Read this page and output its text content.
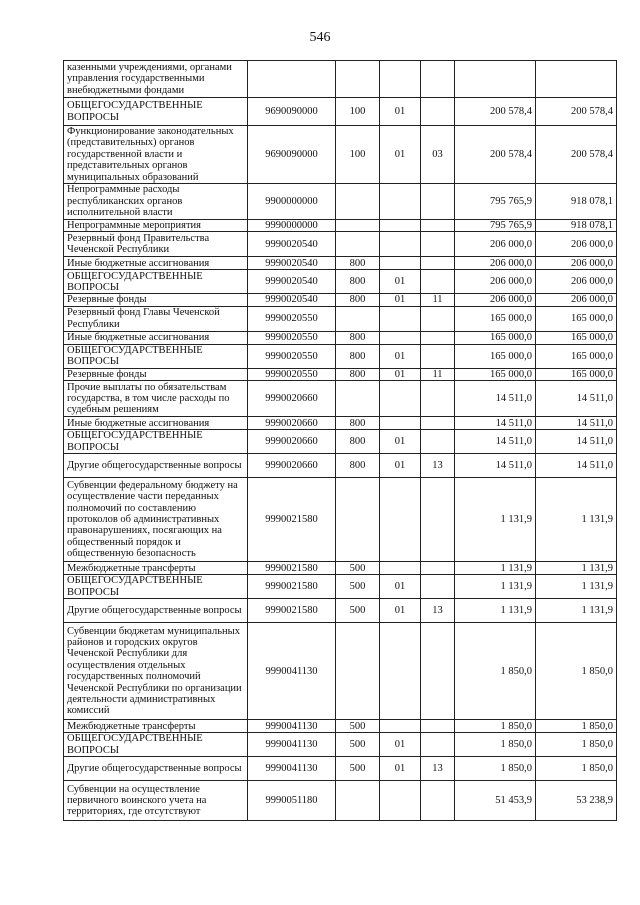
546
казенными учреждениями, органами управления государственными внебюджетными фондами						
ОБЩЕГОСУДАРСТВЕННЫЕ ВОПРОСЫ	9690090000	100	01		200 578,4	200 578,4
Функционирование законодательных (представительных) органов государственной власти и представительных органов муниципальных образований	9690090000	100	01	03	200 578,4	200 578,4
Непрограммные расходы республиканских органов исполнительной власти	9900000000				795 765,9	918 078,1
Непрограммные мероприятия	9990000000				795 765,9	918 078,1
Резервный фонд Правительства Чеченской Республики	9990020540				206 000,0	206 000,0
Иные бюджетные ассигнования	9990020540	800			206 000,0	206 000,0
ОБЩЕГОСУДАРСТВЕННЫЕ ВОПРОСЫ	9990020540	800	01		206 000,0	206 000,0
Резервные фонды	9990020540	800	01	11	206 000,0	206 000,0
Резервный фонд Главы Чеченской Республики	9990020550				165 000,0	165 000,0
Иные бюджетные ассигнования	9990020550	800			165 000,0	165 000,0
ОБЩЕГОСУДАРСТВЕННЫЕ ВОПРОСЫ	9990020550	800	01		165 000,0	165 000,0
Резервные фонды	9990020550	800	01	11	165 000,0	165 000,0
Прочие выплаты по обязательствам государства, в том числе расходы по судебным решениям	9990020660				14 511,0	14 511,0
Иные бюджетные ассигнования	9990020660	800			14 511,0	14 511,0
ОБЩЕГОСУДАРСТВЕННЫЕ ВОПРОСЫ	9990020660	800	01		14 511,0	14 511,0
Другие общегосударственные вопросы	9990020660	800	01	13	14 511,0	14 511,0
Субвенции федеральному бюджету на осуществление части переданных полномочий по составлению протоколов об административных правонарушениях, посягающих на общественный порядок и общественную безопасность	9990021580				1 131,9	1 131,9
Межбюджетные трансферты	9990021580	500			1 131,9	1 131,9
ОБЩЕГОСУДАРСТВЕННЫЕ ВОПРОСЫ	9990021580	500	01		1 131,9	1 131,9
Другие общегосударственные вопросы	9990021580	500	01	13	1 131,9	1 131,9
Субвенции бюджетам муниципальных районов и городских округов Чеченской Республики для осуществления отдельных государственных полномочий Чеченской Республики по организации деятельности административных комиссий	9990041130				1 850,0	1 850,0
Межбюджетные трансферты	9990041130	500			1 850,0	1 850,0
ОБЩЕГОСУДАРСТВЕННЫЕ ВОПРОСЫ	9990041130	500	01		1 850,0	1 850,0
Другие общегосударственные вопросы	9990041130	500	01	13	1 850,0	1 850,0
Субвенции на осуществление первичного воинского учета на территориях, где отсутствуют	9990051180				51 453,9	53 238,9
